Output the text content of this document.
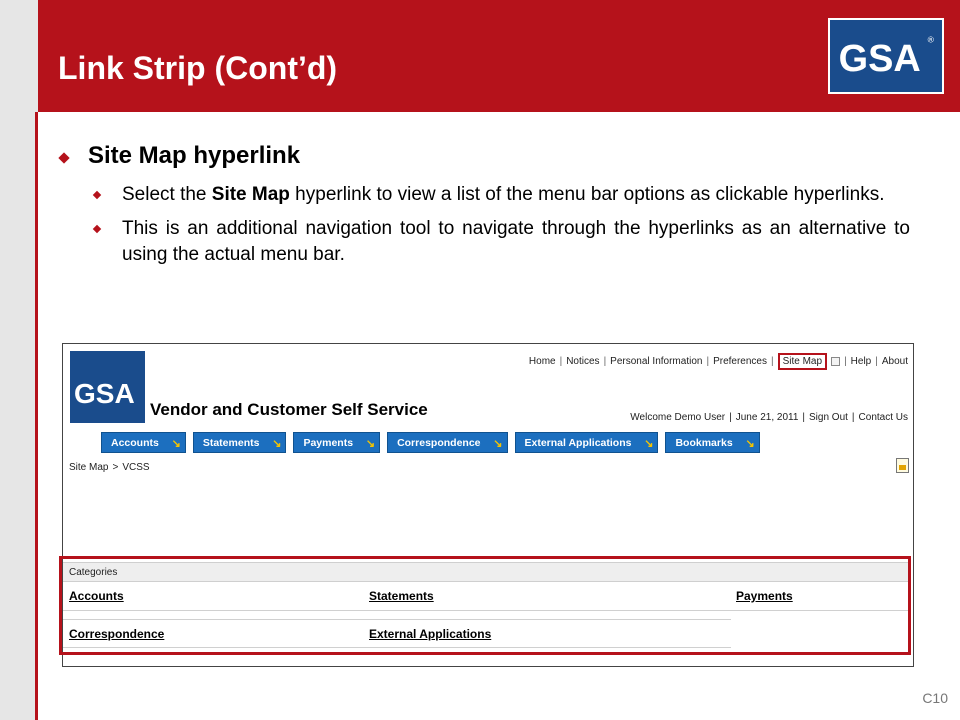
Link Strip (Cont’d)	GSA ®
Site Map hyperlink
Select the Site Map hyperlink to view a list of the menu bar options as clickable hyperlinks.
This is an additional navigation tool to navigate through the hyperlinks as an alternative to using the actual menu bar.
GSA
Home | Notices | Personal Information | Preferences | Site Map	| Help | About
Vendor and Customer Self Service	Welcome Demo User | June 21, 2011 | Sign Out | Contact Us
Accounts ↘	Statements ↘	Payments ↘	Correspondence ↘	External Applications ↘	Bookmarks ↘
Site Map > VCSS
Categories
Accounts	Statements	Payments
Correspondence	External Applications
C10
